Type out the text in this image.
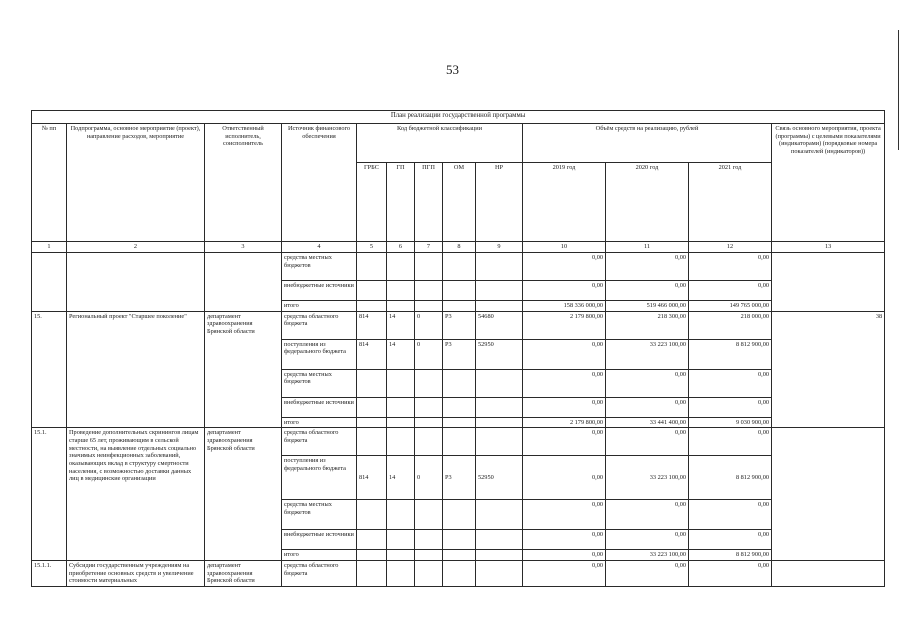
53
План реализации государственной программы												
№ пп	Подпрограмма, основное мероприятие (проект), направление расходов, мероприятие	Ответственный исполнитель, соисполнитель	Источник финансового обеспечения	Код бюджетной классификации					Объём средств на реализацию, рублей			Связь основного мероприятия, проекта (программы) с целевыми показателями (индикаторами) (порядковые номера показателей (индикаторов))
				ГРБС	ГП	ПГП	ОМ	НР	2019 год	2020 год	2021 год	
1	2	3	4	5	6	7	8	9	10	11	12	13
			средства местных бюджетов						0,00	0,00	0,00	
			внебюджетные источники						0,00	0,00	0,00	
			итого						158 336 000,00	519 466 000,00	149 765 000,00	
15.	Региональный проект "Старшее поколение"	департамент здравоохранения Брянской области	средства областного бюджета	814	14	0	Р3	54680	2 179 800,00	218 300,00	218 000,00	38
			поступления из федерального бюджета	814	14	0	Р3	52950	0,00	33 223 100,00	8 812 900,00	
			средства местных бюджетов						0,00	0,00	0,00	
			внебюджетные источники						0,00	0,00	0,00	
			итого						2 179 800,00	33 441 400,00	9 030 900,00	
15.1.	Проведение дополнительных скринингов лицам старше 65 лет, проживающим в сельской местности, на выявление отдельных социально значимых неинфекционных заболеваний, оказывающих вклад в структуру смертности населения, с возможностью доставки данных лиц в медицинские организации	департамент здравоохранения Брянской области	средства областного бюджета						0,00	0,00	0,00	
			поступления из федерального бюджета	814	14	0	Р3	52950	0,00	33 223 100,00	8 812 900,00	
			средства местных бюджетов						0,00	0,00	0,00	
			внебюджетные источники						0,00	0,00	0,00	
			итого						0,00	33 223 100,00	8 812 900,00	
15.1.1.	Субсидии государственным учреждениям на приобретение основных средств и увеличение стоимости материальных	департамент здравоохранения Брянской области	средства областного бюджета						0,00	0,00	0,00	
